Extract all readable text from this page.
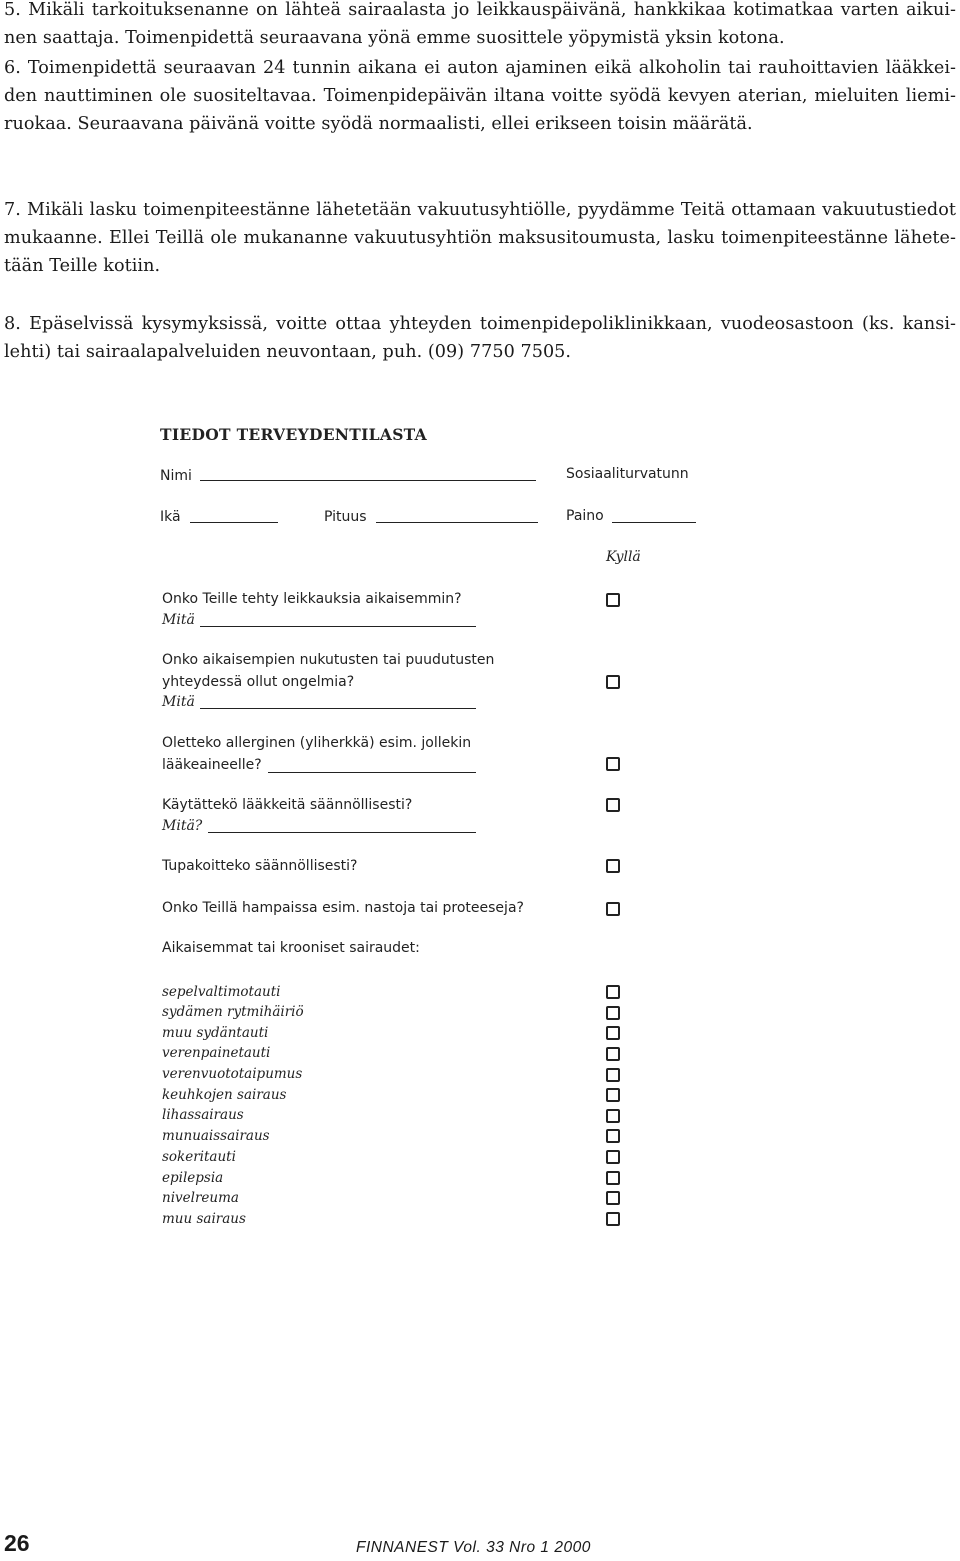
5. Mikäli tarkoituksenanne on lähteä sairaalasta jo leikkauspäivänä, hankkikaa kotimatkaa varten aikui-
nen saattaja. Toimenpidettä seuraavana yönä emme suosittele yöpymistä yksin kotona.
6. Toimenpidettä seuraavan 24 tunnin aikana ei auton ajaminen eikä alkoholin tai rauhoittavien lääkkei-
den nauttiminen ole suositeltavaa. Toimenpidepäivän iltana voitte syödä kevyen aterian, mieluiten liemi-
ruokaa. Seuraavana päivänä voitte syödä normaalisti, ellei erikseen toisin määrätä.
7. Mikäli lasku toimenpiteestänne lähetetään vakuutusyhtiölle, pyydämme Teitä ottamaan vakuutustiedot
mukaanne. Ellei Teillä ole mukananne vakuutusyhtiön maksusitoumusta, lasku toimenpiteestänne lähete-
tään Teille kotiin.
8. Epäselvissä kysymyksissä, voitte ottaa yhteyden toimenpidepoliklinikkaan, vuodeosastoon (ks. kansi-
lehti) tai sairaalapalveluiden neuvontaan, puh. (09) 7750 7505.
TIEDOT TERVEYDENTILASTA
Nimi	Sosiaaliturvatunn
Ikä	Pituus	Paino
Kyllä
Onko Teille tehty leikkauksia aikaisemmin?
Mitä
Onko aikaisempien nukutusten tai puudutusten
yhteydessä ollut ongelmia?
Mitä
Oletteko allerginen (yliherkkä) esim. jollekin
lääkeaineelle?
Käytättekö lääkkeitä säännöllisesti?
Mitä?
Tupakoitteko säännöllisesti?
Onko Teillä hampaissa esim. nastoja tai proteeseja?
Aikaisemmat tai krooniset sairaudet:
sepelvaltimotauti
sydämen rytmihäiriö
muu sydäntauti
verenpainetauti
verenvuototaipumus
keuhkojen sairaus
lihassairaus
munuaissairaus
sokeritauti
epilepsia
nivelreuma
muu sairaus
26	FINNANEST Vol. 33 Nro 1 2000
